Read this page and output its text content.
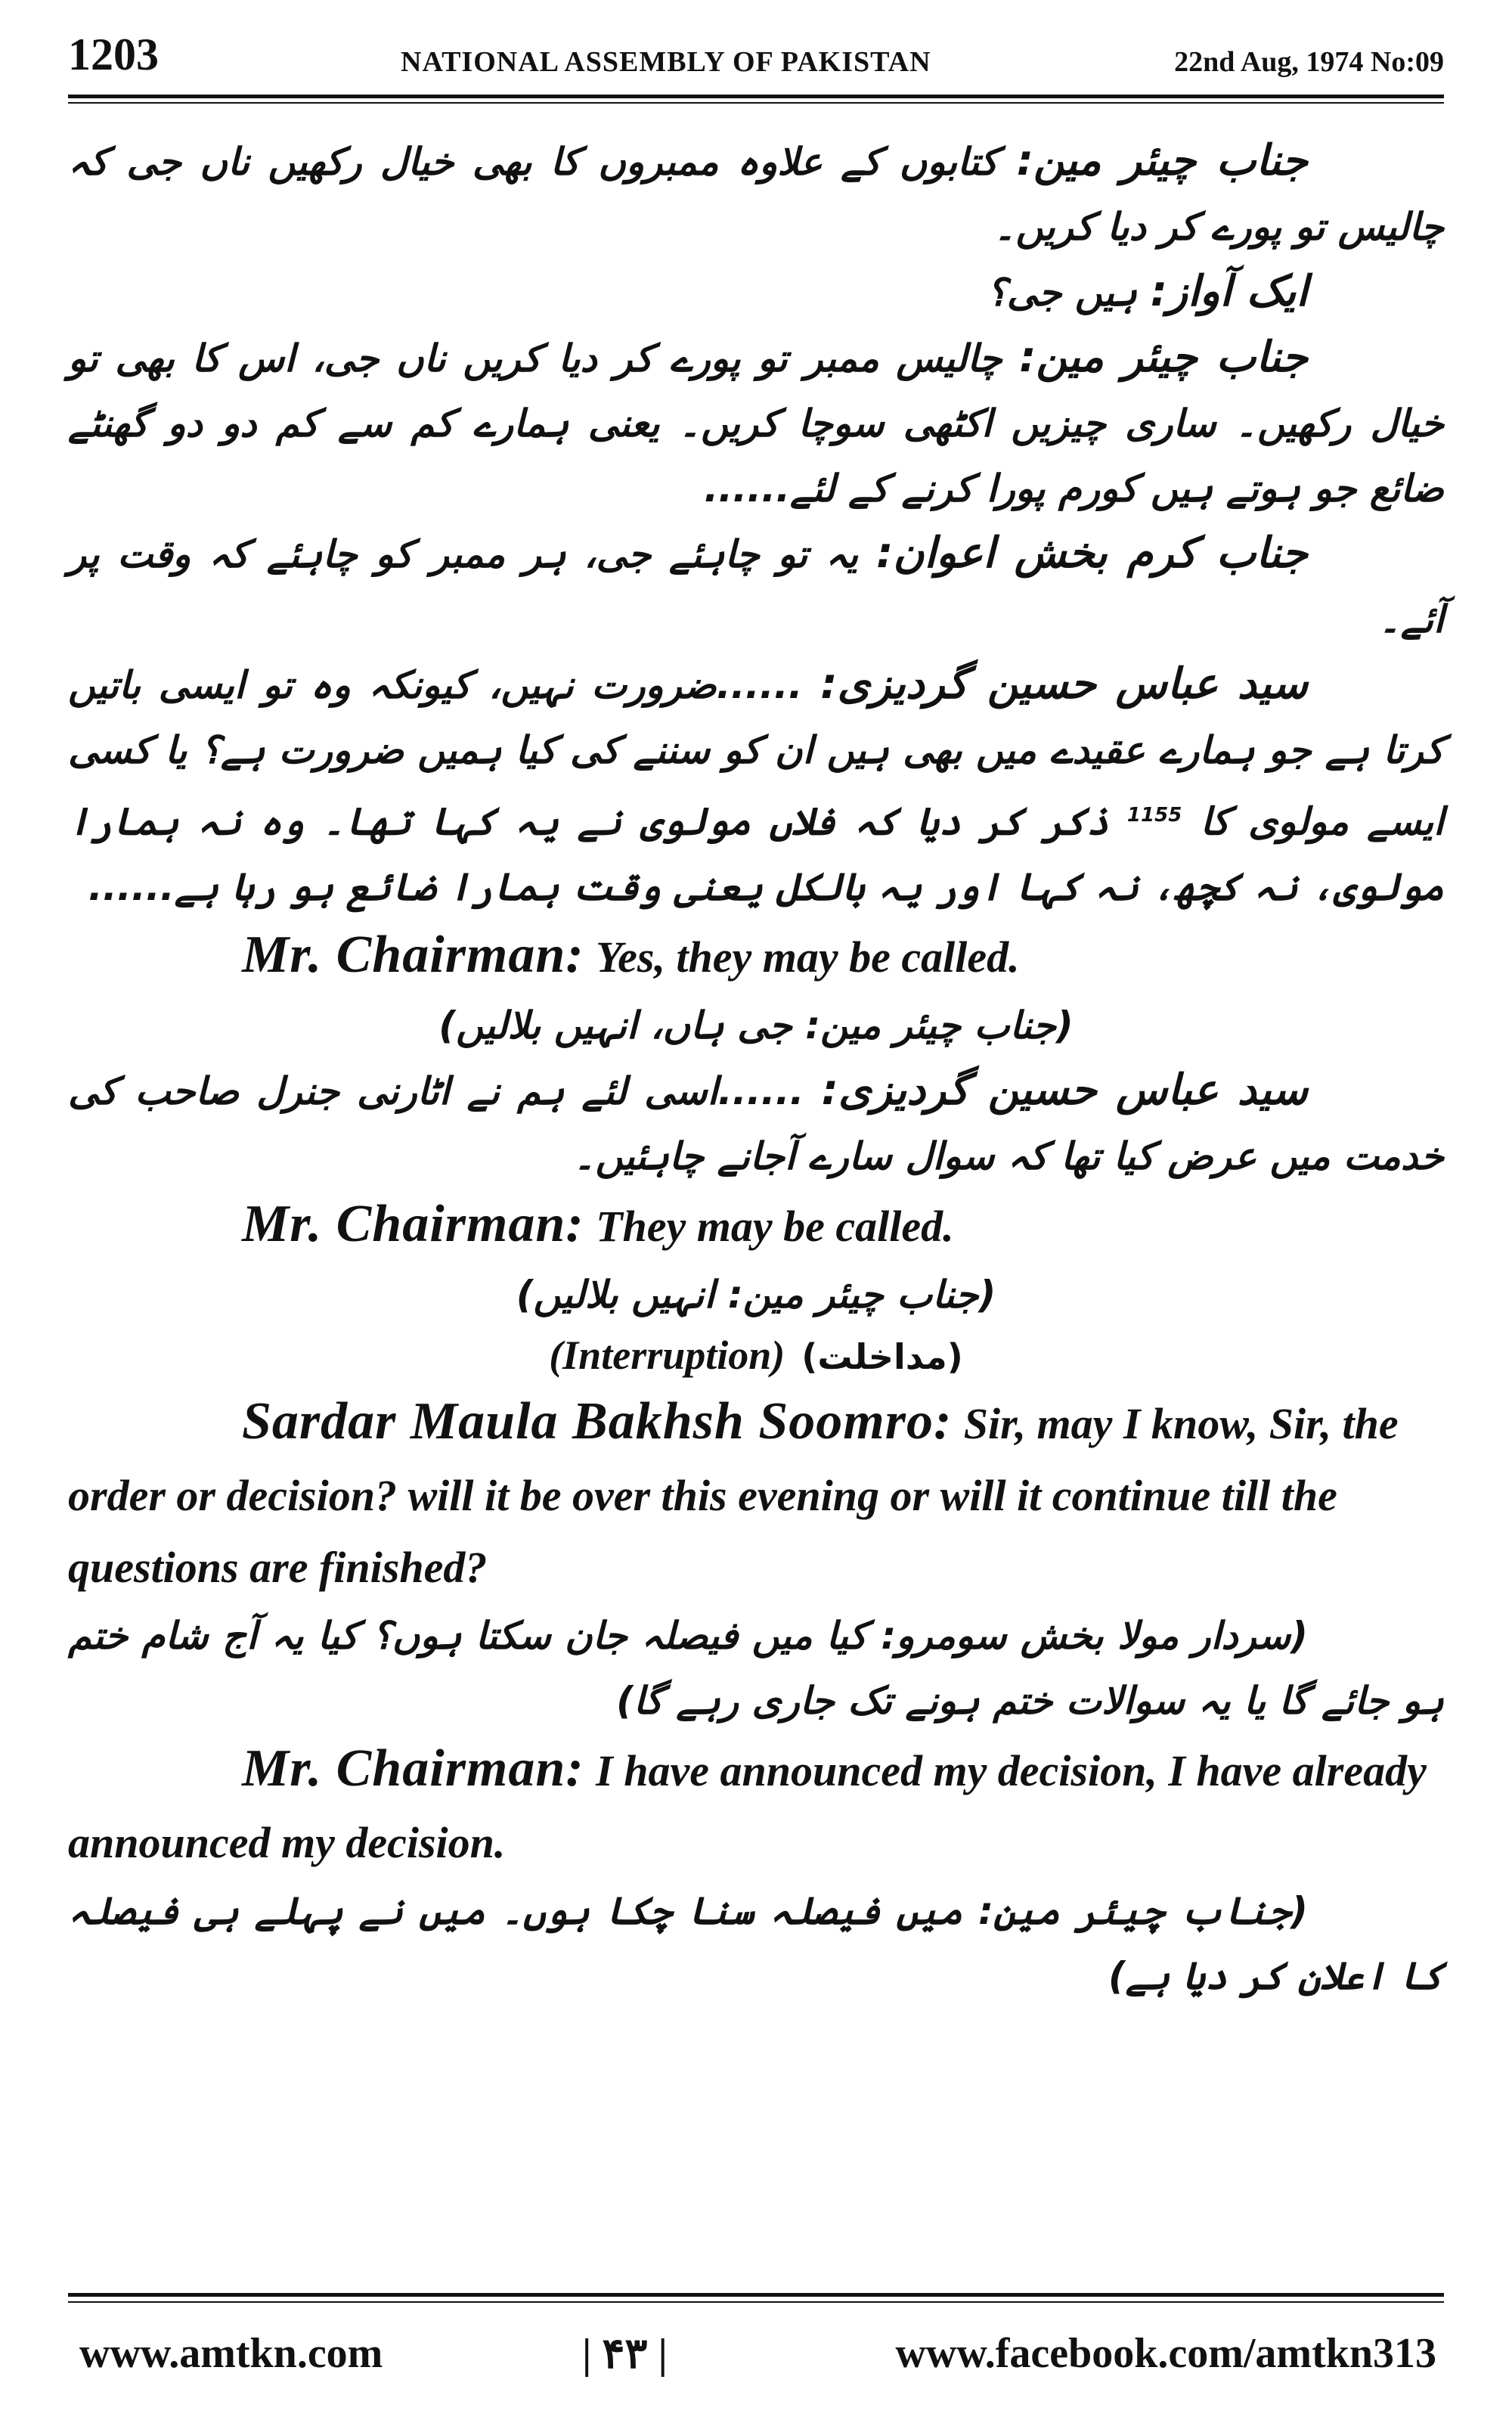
1203	NATIONAL ASSEMBLY OF PAKISTAN	22nd Aug, 1974 No:09

جناب چیئر مین: کتابوں کے علاوہ ممبروں کا بھی خیال رکھیں ناں جی کہ چالیس تو پورے کر دیا کریں۔

ایک آواز: ہیں جی؟

جناب چیئر مین: چالیس ممبر تو پورے کر دیا کریں ناں جی، اس کا بھی تو خیال رکھیں۔ ساری چیزیں اکٹھی سوچا کریں۔ یعنی ہمارے کم سے کم دو دو گھنٹے ضائع جو ہوتے ہیں کورم پورا کرنے کے لئے......

جناب کرم بخش اعوان: یہ تو چاہئے جی، ہر ممبر کو چاہئے کہ وقت پر آئے۔

سید عباس حسین گردیزی: ......ضرورت نہیں، کیونکہ وہ تو ایسی باتیں کرتا ہے جو ہمارے عقیدے میں بھی ہیں ان کو سننے کی کیا ہمیں ضرورت ہے؟ یا کسی ایسے مولوی کا $^{1155}$ ذکر کر دیا کہ فلاں مولوی نے یہ کہا تھا۔ وہ نہ ہمارا مولوی، نہ کچھ، نہ کہا اور یہ بالکل یعنی وقت ہمارا ضائع ہو رہا ہے......

Mr. Chairman: Yes, they may be called.

(جناب چیئر مین: جی ہاں، انہیں بلالیں)

سید عباس حسین گردیزی: ......اسی لئے ہم نے اٹارنی جنرل صاحب کی خدمت میں عرض کیا تھا کہ سوال سارے آجانے چاہئیں۔

Mr. Chairman: They may be called.

(جناب چیئر مین: انہیں بلالیں)

(Interruption) (مداخلت)

Sardar Maula Bakhsh Soomro: Sir, may I know, Sir, the order or decision? will it be over this evening or will it continue till the questions are finished?

(سردار مولا بخش سومرو: کیا میں فیصلہ جان سکتا ہوں؟ کیا یہ آج شام ختم ہو جائے گا یا یہ سوالات ختم ہونے تک جاری رہے گا)

Mr. Chairman: I have announced my decision, I have already announced my decision.

(جناب چیئر مین: میں فیصلہ سنا چکا ہوں۔ میں نے پہلے ہی فیصلہ کا اعلان کر دیا ہے)

www.amtkn.com	| ۴۳ |	www.facebook.com/amtkn313
